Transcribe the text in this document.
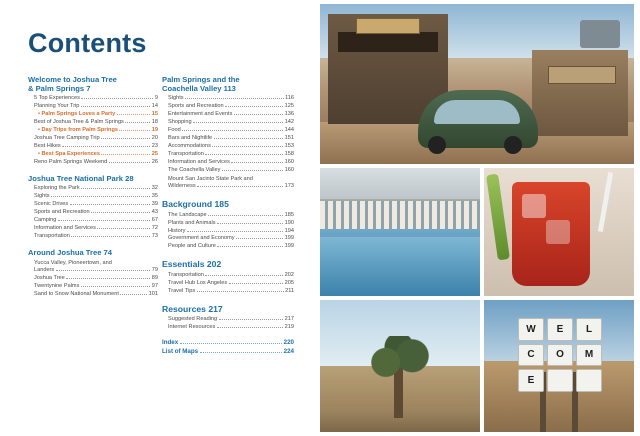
Contents
Welcome to Joshua Tree
& Palm Springs 7
5 Top Experiences	9
Planning Your Trip	14
• Palm Springs Loves a Party	15
Best of Joshua Tree & Palm Springs	18
• Day Trips from Palm Springs	19
Joshua Tree Camping Trip	20
Best Hikes	23
• Best Spa Experiences	25
Reno Palm Springs Weekend	26
Joshua Tree National Park 28
Exploring the Park	32
Sights	35
Scenic Drives	39
Sports and Recreation	43
Camping	67
Information and Services	72
Transportation	73
Around Joshua Tree 74
Yucca Valley, Pioneertown, and
Landers	79
Joshua Tree	89
Twentynine Palms	97
Sand to Snow National Monument	101
Palm Springs and the
Coachella Valley 113
Sights	116
Sports and Recreation	125
Entertainment and Events	136
Shopping	142
Food	144
Bars and Nightlife	151
Accommodations	153
Transportation	158
Information and Services	160
The Coachella Valley	160
Mount San Jacinto State Park and
Wilderness	173
Background 185
The Landscape	185
Plants and Animals	190
History	194
Government and Economy	199
People and Culture	199
Essentials 202
Transportation	202
Travel Hub Los Angeles	205
Travel Tips	211
Resources 217
Suggested Reading	217
Internet Resources	219
Index	220
List of Maps	224
W	E	L
C	O	M
E
